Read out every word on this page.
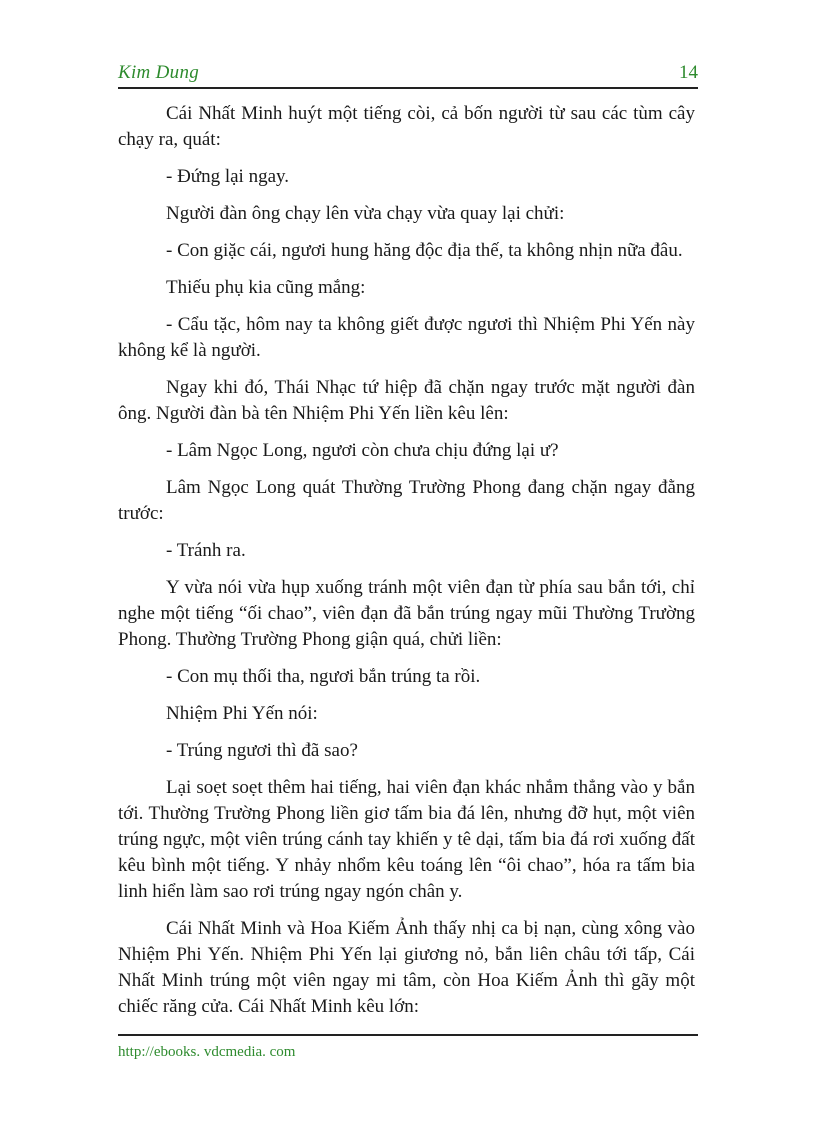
Kim Dung	14

Cái Nhất Minh huýt một tiếng còi, cả bốn người từ sau các tùm cây chạy ra, quát:

- Đứng lại ngay.

Người đàn ông chạy lên vừa chạy vừa quay lại chửi:

- Con giặc cái, ngươi hung hăng độc địa thế, ta không nhịn nữa đâu.

Thiếu phụ kia cũng mắng:

- Cẩu tặc, hôm nay ta không giết được ngươi thì Nhiệm Phi Yến này không kể là người.

Ngay khi đó, Thái Nhạc tứ hiệp đã chặn ngay trước mặt người đàn ông. Người đàn bà tên Nhiệm Phi Yến liền kêu lên:

- Lâm Ngọc Long, ngươi còn chưa chịu đứng lại ư?

Lâm Ngọc Long quát Thường Trường Phong đang chặn ngay đằng trước:

- Tránh ra.

Y vừa nói vừa hụp xuống tránh một viên đạn từ phía sau bắn tới, chỉ nghe một tiếng “ối chao”, viên đạn đã bắn trúng ngay mũi Thường Trường Phong. Thường Trường Phong giận quá, chửi liền:

- Con mụ thối tha, ngươi bắn trúng ta rồi.

Nhiệm Phi Yến nói:

- Trúng ngươi thì đã sao?

Lại soẹt soẹt thêm hai tiếng, hai viên đạn khác nhắm thẳng vào y bắn tới. Thường Trường Phong liền giơ tấm bia đá lên, nhưng đỡ hụt, một viên trúng ngực, một viên trúng cánh tay khiến y tê dại, tấm bia đá rơi xuống đất kêu bình một tiếng. Y nhảy nhổm kêu toáng lên “ôi chao”, hóa ra tấm bia linh hiển làm sao rơi trúng ngay ngón chân y.

Cái Nhất Minh và Hoa Kiếm Ảnh thấy nhị ca bị nạn, cùng xông vào Nhiệm Phi Yến. Nhiệm Phi Yến lại giương nỏ, bắn liên châu tới tấp, Cái Nhất Minh trúng một viên ngay mi tâm, còn Hoa Kiếm Ảnh thì gãy một chiếc răng cửa. Cái Nhất Minh kêu lớn:

http://ebooks. vdcmedia. com
